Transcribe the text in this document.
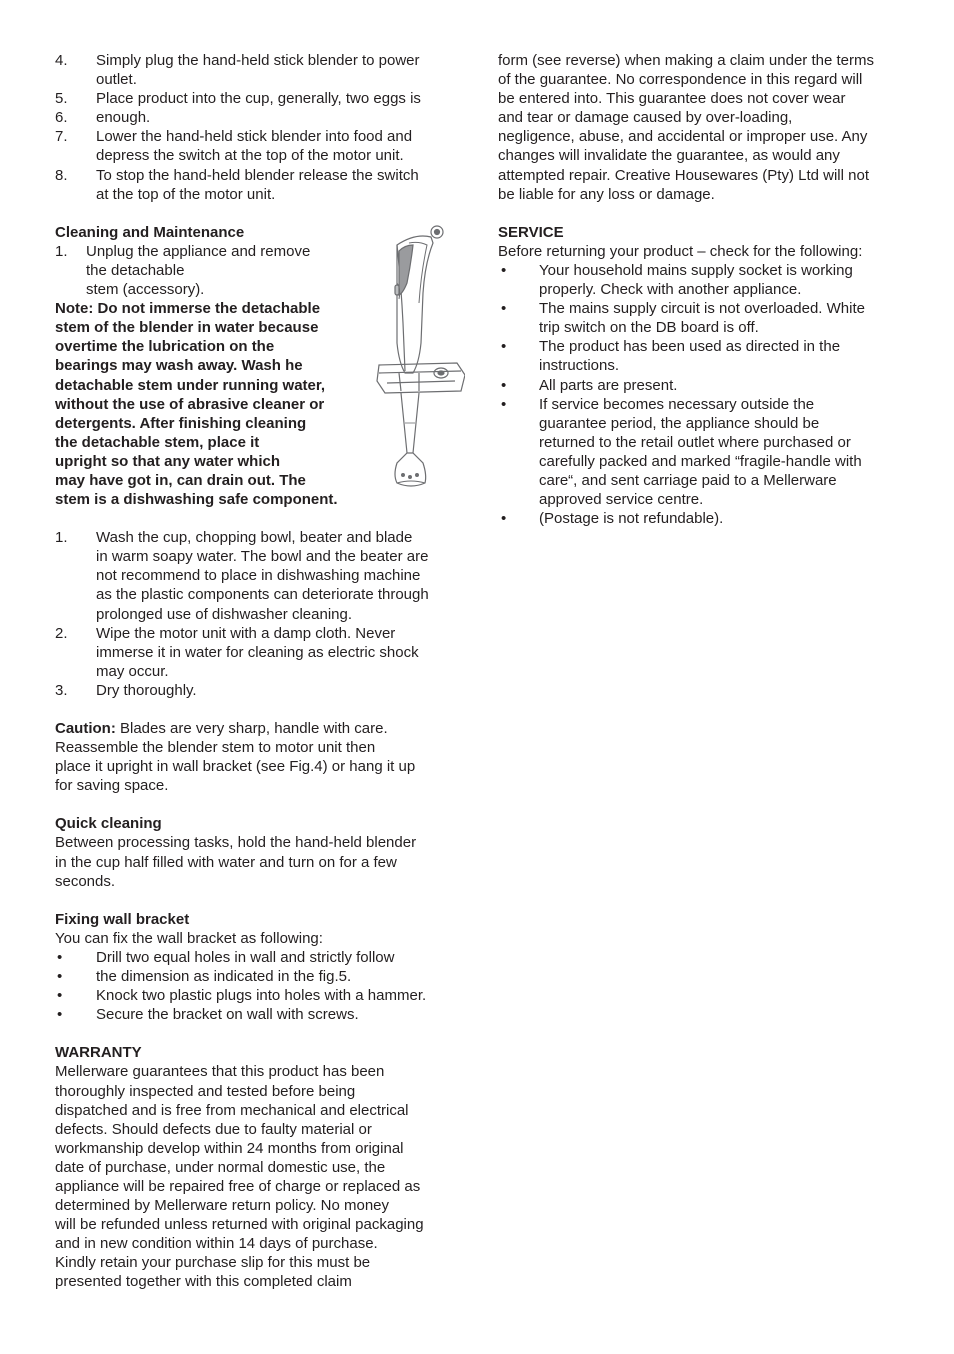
4. Simply plug the hand-held stick blender to power

outlet.

5. Place product into the cup, generally, two eggs is

6. enough.

7. Lower the hand-held stick blender into food and

depress the switch at the top of the motor unit.

8. To stop the hand-held blender release the switch

at the top of the motor unit.

Cleaning and Maintenance

1. Unplug the appliance and remove

the detachable

stem (accessory).

Note: Do not immerse the detachable

stem of the blender in water because

overtime the lubrication on the

bearings may wash away. Wash he

detachable stem under running water,

without the use of abrasive cleaner or

detergents. After finishing cleaning

the detachable stem, place it

upright so that any water which

may have got in, can drain out. The

stem is a dishwashing safe component.

1. Wash the cup, chopping bowl, beater and blade

in warm soapy water. The bowl and the beater are

not recommend to place in dishwashing machine

as the plastic components can deteriorate through

prolonged use of dishwasher cleaning.

2. Wipe the motor unit with a damp cloth. Never

immerse it in water for cleaning as electric shock

may occur.

3. Dry thoroughly.

Caution: Blades are very sharp, handle with care.

Reassemble the blender stem to motor unit then

place it upright in wall bracket (see Fig.4) or hang it up

for saving space.

Quick cleaning

Between processing tasks, hold the hand-held blender

in the cup half filled with water and turn on for a few

seconds.

Fixing wall bracket

You can fix the wall bracket as following:

• Drill two equal holes in wall and strictly follow

• the dimension as indicated in the fig.5.

• Knock two plastic plugs into holes with a hammer.

• Secure the bracket on wall with screws.

WARRANTY

Mellerware guarantees that this product has been

thoroughly inspected and tested before being

dispatched and is free from mechanical and electrical

defects. Should defects due to faulty material or

workmanship develop within 24 months from original

date of purchase, under normal domestic use, the

appliance will be repaired free of charge or replaced as

determined by Mellerware return policy. No money

will be refunded unless returned with original packaging

and in new condition within 14 days of purchase.

Kindly retain your purchase slip for this must be

presented together with this completed claim

form (see reverse) when making a claim under the terms

of the guarantee. No correspondence in this regard will

be entered into. This guarantee does not cover wear

and tear or damage caused by over-loading,

negligence, abuse, and accidental or improper use. Any

changes will invalidate the guarantee, as would any

attempted repair. Creative Housewares (Pty) Ltd will not

be liable for any loss or damage.

SERVICE

Before returning your product – check for the following:

• Your household mains supply socket is working

properly. Check with another appliance.

• The mains supply circuit is not overloaded. White

trip switch on the DB board is off.

• The product has been used as directed in the

instructions.

• All parts are present.

• If service becomes necessary outside the

guarantee period, the appliance should be

returned to the retail outlet where purchased or

carefully packed and marked “fragile-handle with

care“, and sent carriage paid to a Mellerware

approved service centre.

• (Postage is not refundable).
